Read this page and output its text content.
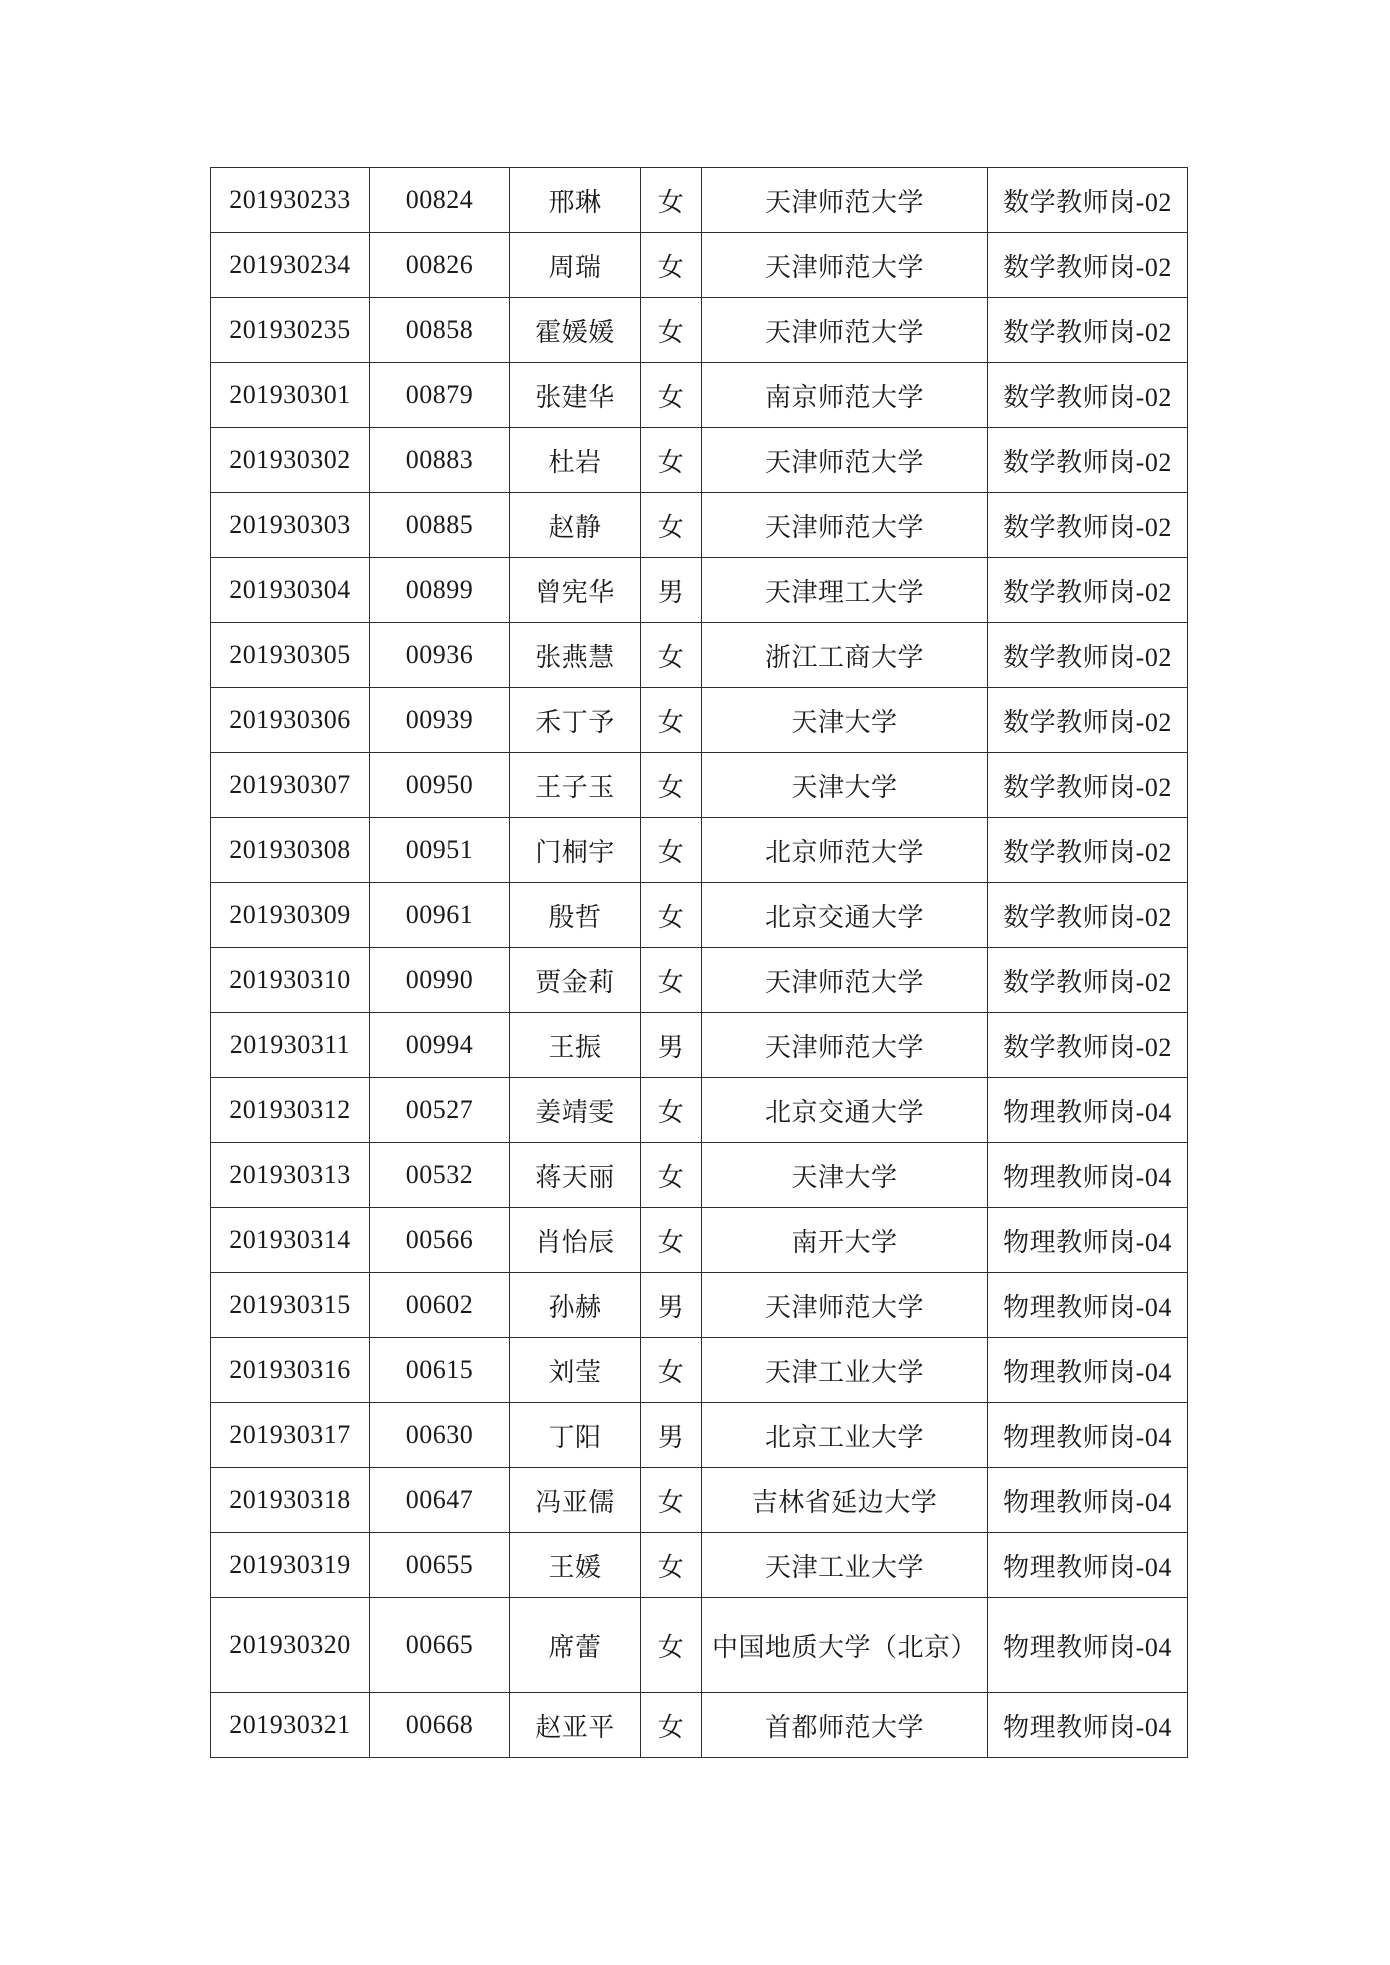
201930233	00824	邢琳	女	天津师范大学	数学教师岗-02
201930234	00826	周瑞	女	天津师范大学	数学教师岗-02
201930235	00858	霍媛媛	女	天津师范大学	数学教师岗-02
201930301	00879	张建华	女	南京师范大学	数学教师岗-02
201930302	00883	杜岩	女	天津师范大学	数学教师岗-02
201930303	00885	赵静	女	天津师范大学	数学教师岗-02
201930304	00899	曾宪华	男	天津理工大学	数学教师岗-02
201930305	00936	张燕慧	女	浙江工商大学	数学教师岗-02
201930306	00939	禾丁予	女	天津大学	数学教师岗-02
201930307	00950	王子玉	女	天津大学	数学教师岗-02
201930308	00951	门桐宇	女	北京师范大学	数学教师岗-02
201930309	00961	殷哲	女	北京交通大学	数学教师岗-02
201930310	00990	贾金莉	女	天津师范大学	数学教师岗-02
201930311	00994	王振	男	天津师范大学	数学教师岗-02
201930312	00527	姜靖雯	女	北京交通大学	物理教师岗-04
201930313	00532	蒋天丽	女	天津大学	物理教师岗-04
201930314	00566	肖怡辰	女	南开大学	物理教师岗-04
201930315	00602	孙赫	男	天津师范大学	物理教师岗-04
201930316	00615	刘莹	女	天津工业大学	物理教师岗-04
201930317	00630	丁阳	男	北京工业大学	物理教师岗-04
201930318	00647	冯亚儒	女	吉林省延边大学	物理教师岗-04
201930319	00655	王媛	女	天津工业大学	物理教师岗-04
201930320	00665	席蕾	女	中国地质大学（北京）	物理教师岗-04
201930321	00668	赵亚平	女	首都师范大学	物理教师岗-04
